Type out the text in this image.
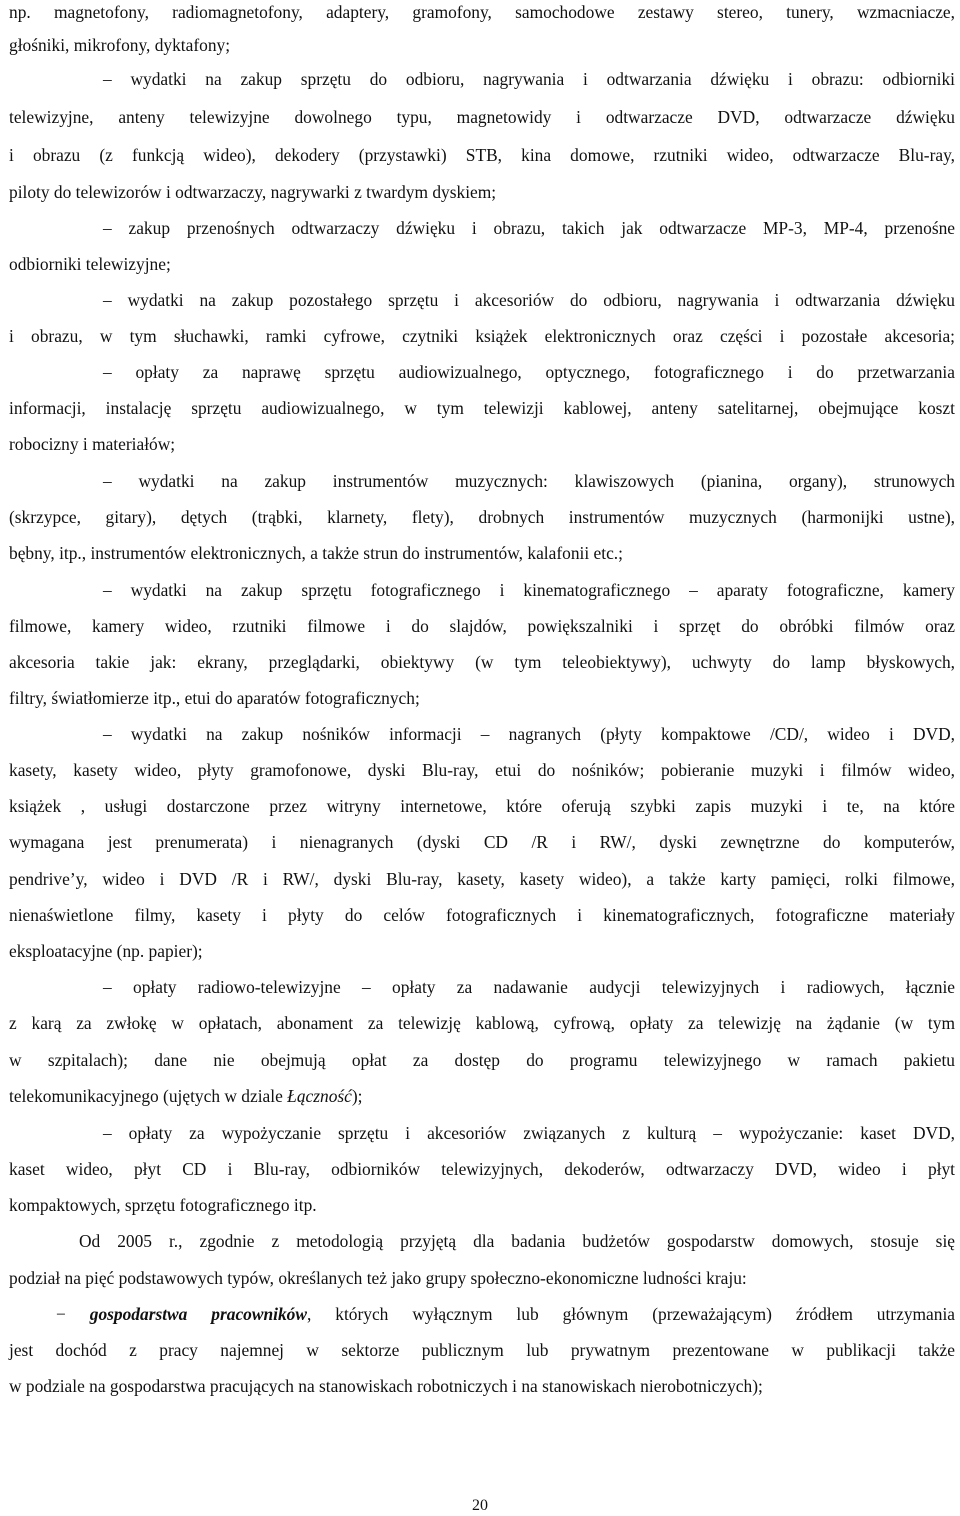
np. magnetofony, radiomagnetofony, adaptery, gramofony, samochodowe zestawy stereo, tunery, wzmacniacze,
głośniki, mikrofony, dyktafony;
– wydatki na zakup sprzętu do odbioru, nagrywania i odtwarzania dźwięku i obrazu: odbiorniki
telewizyjne, anteny telewizyjne dowolnego typu, magnetowidy i odtwarzacze DVD, odtwarzacze dźwięku
i obrazu (z funkcją wideo), dekodery (przystawki) STB, kina domowe, rzutniki wideo, odtwarzacze Blu-ray,
piloty do telewizorów i odtwarzaczy, nagrywarki z twardym dyskiem;
– zakup przenośnych odtwarzaczy dźwięku i obrazu, takich jak odtwarzacze MP-3, MP-4, przenośne
odbiorniki telewizyjne;
– wydatki na zakup pozostałego sprzętu i akcesoriów do odbioru, nagrywania i odtwarzania dźwięku
i obrazu, w tym słuchawki, ramki cyfrowe, czytniki książek elektronicznych oraz części i pozostałe akcesoria;
– opłaty za naprawę sprzętu audiowizualnego, optycznego, fotograficznego i do przetwarzania
informacji, instalację sprzętu audiowizualnego, w tym telewizji kablowej, anteny satelitarnej, obejmujące koszt
robocizny i materiałów;
– wydatki na zakup instrumentów muzycznych: klawiszowych (pianina, organy), strunowych
(skrzypce, gitary), dętych (trąbki, klarnety, flety), drobnych instrumentów muzycznych (harmonijki ustne),
bębny, itp., instrumentów elektronicznych, a także strun do instrumentów, kalafonii etc.;
– wydatki na zakup sprzętu fotograficznego i kinematograficznego – aparaty fotograficzne, kamery
filmowe, kamery wideo, rzutniki filmowe i do slajdów, powiększalniki i sprzęt do obróbki filmów oraz
akcesoria takie jak: ekrany, przeglądarki, obiektywy (w tym teleobiektywy), uchwyty do lamp błyskowych,
filtry, światłomierze itp., etui do aparatów fotograficznych;
– wydatki na zakup nośników informacji – nagranych (płyty kompaktowe /CD/, wideo i DVD,
kasety, kasety wideo, płyty gramofonowe, dyski Blu-ray, etui do nośników; pobieranie muzyki i filmów wideo,
książek , usługi dostarczone przez witryny internetowe, które oferują szybki zapis muzyki i te, na które
wymagana jest prenumerata) i nienagranych (dyski CD /R i RW/, dyski zewnętrzne do komputerów,
pendrive’y, wideo i DVD /R i RW/, dyski Blu-ray, kasety, kasety wideo), a także karty pamięci, rolki filmowe,
nienaświetlone filmy, kasety i płyty do celów fotograficznych i kinematograficznych, fotograficzne materiały
eksploatacyjne (np. papier);
– opłaty radiowo-telewizyjne – opłaty za nadawanie audycji telewizyjnych i radiowych, łącznie
z karą za zwłokę w opłatach, abonament za telewizję kablową, cyfrową, opłaty za telewizję na żądanie (w tym
w szpitalach); dane nie obejmują opłat za dostęp do programu telewizyjnego w ramach pakietu
telekomunikacyjnego (ujętych w dziale Łączność);
– opłaty za wypożyczanie sprzętu i akcesoriów związanych z kulturą – wypożyczanie: kaset DVD,
kaset wideo, płyt CD i Blu-ray, odbiorników telewizyjnych, dekoderów, odtwarzaczy DVD, wideo i płyt
kompaktowych, sprzętu fotograficznego itp.
Od 2005 r., zgodnie z metodologią przyjętą dla badania budżetów gospodarstw domowych, stosuje się
podział na pięć podstawowych typów, określanych też jako grupy społeczno-ekonomiczne ludności kraju:
− gospodarstwa pracowników, których wyłącznym lub głównym (przeważającym) źródłem utrzymania
jest dochód z pracy najemnej w sektorze publicznym lub prywatnym prezentowane w publikacji także
w podziale na gospodarstwa pracujących na stanowiskach robotniczych i na stanowiskach nierobotniczych);
20
